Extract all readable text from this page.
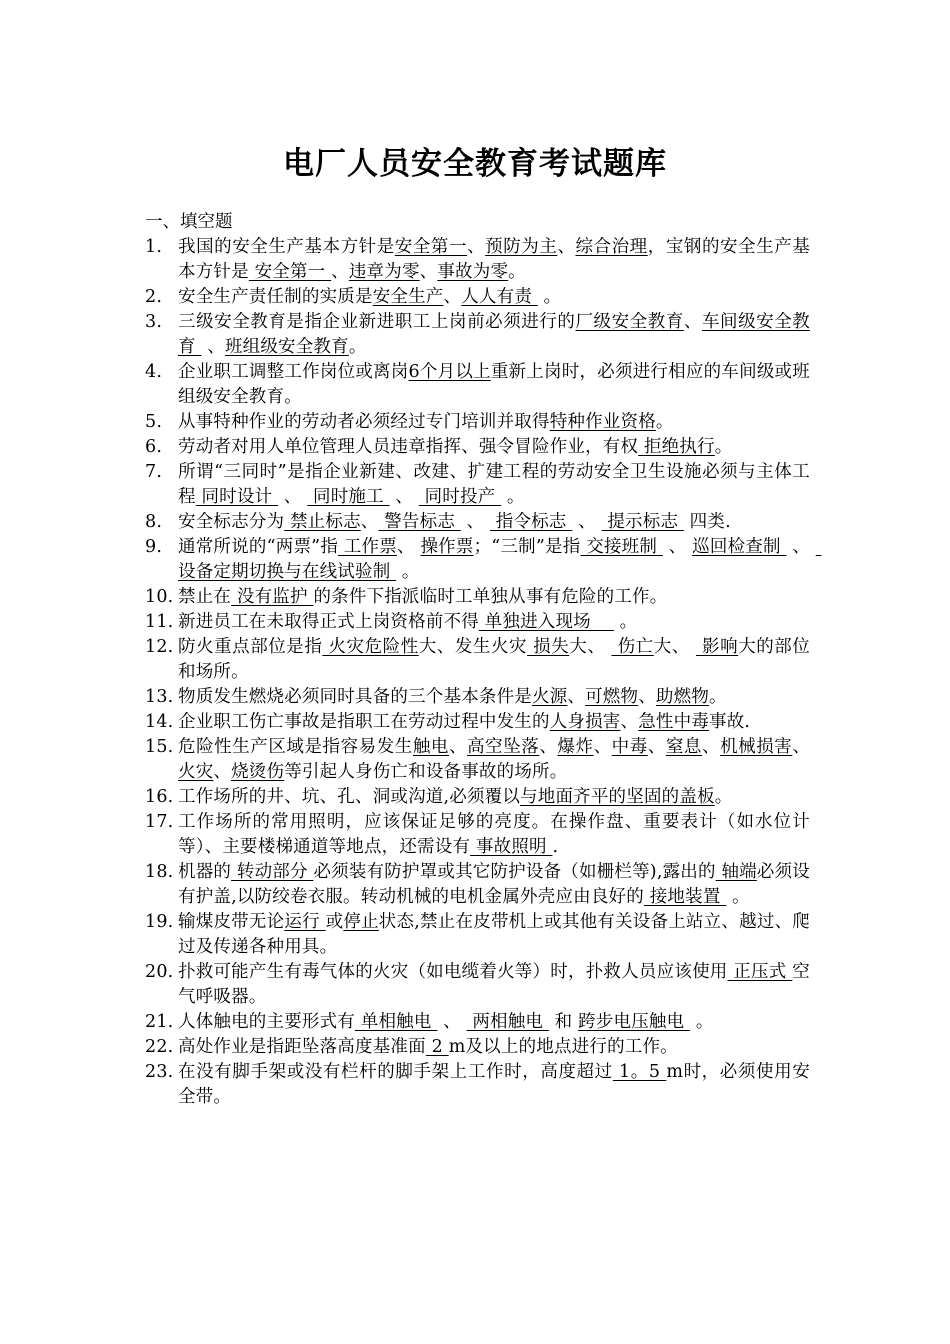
电厂人员安全教育考试题库
一、填空题
1. 我国的安全生产基本方针是安全第一、预防为主、综合治理，宝钢的安全生产基本方针是 安全第一 、违章为零、事故为零。
2. 安全生产责任制的实质是安全生产、人人有责  。
3. 三级安全教育是指企业新进职工上岗前必须进行的厂级安全教育、车间级安全教育  、班组级安全教育。
4. 企业职工调整工作岗位或离岗6个月以上重新上岗时，必须进行相应的车间级或班组级安全教育。
5. 从事特种作业的劳动者必须经过专门培训并取得特种作业资格。
6. 劳动者对用人单位管理人员违章指挥、强令冒险作业，有权 拒绝执行。
7. 所谓“三同时”是指企业新建、改建、扩建工程的劳动安全卫生设施必须与主体工程 同时设计  、  同时施工  、  同时投产  。
8. 安全标志分为 禁止标志、 警告标志  、  指令标志  、  提示标志  四类.
9. 通常所说的“两票”指 工作票、 操作票；“三制”是指 交接班制  、 巡回检查制  、  设备定期切换与在线试验制  。
10. 禁止在 没有监护 的条件下指派临时工单独从事有危险的工作。
11. 新进员工在未取得正式上岗资格前不得 单独进入现场     。
12. 防火重点部位是指 火灾危险性大、发生火灾 损失大、  伤亡大、  影响大的部位和场所。
13. 物质发生燃烧必须同时具备的三个基本条件是火源、可燃物、助燃物。
14. 企业职工伤亡事故是指职工在劳动过程中发生的人身损害、急性中毒事故.
15. 危险性生产区域是指容易发生触电、高空坠落、爆炸、中毒、窒息、机械损害、火灾、烧烫伤等引起人身伤亡和设备事故的场所。
16. 工作场所的井、坑、孔、洞或沟道,必须覆以与地面齐平的坚固的盖板。
17. 工作场所的常用照明，应该保证足够的亮度。在操作盘、重要表计（如水位计等）、主要楼梯通道等地点，还需设有 事故照明 .
18. 机器的 转动部分 必须装有防护罩或其它防护设备（如栅栏等),露出的 轴端必须设有护盖,以防绞卷衣服。转动机械的电机金属外壳应由良好的 接地装置  。
19. 输煤皮带无论运行 或停止状态,禁止在皮带机上或其他有关设备上站立、越过、爬过及传递各种用具。
20. 扑救可能产生有毒气体的火灾（如电缆着火等）时，扑救人员应该使用 正压式 空气呼吸器。
21. 人体触电的主要形式有 单相触电  、  两相触电  和 跨步电压触电  。
22. 高处作业是指距坠落高度基准面 2 m及以上的地点进行的工作。
23. 在没有脚手架或没有栏杆的脚手架上工作时，高度超过 1。5 m时，必须使用安全带。
